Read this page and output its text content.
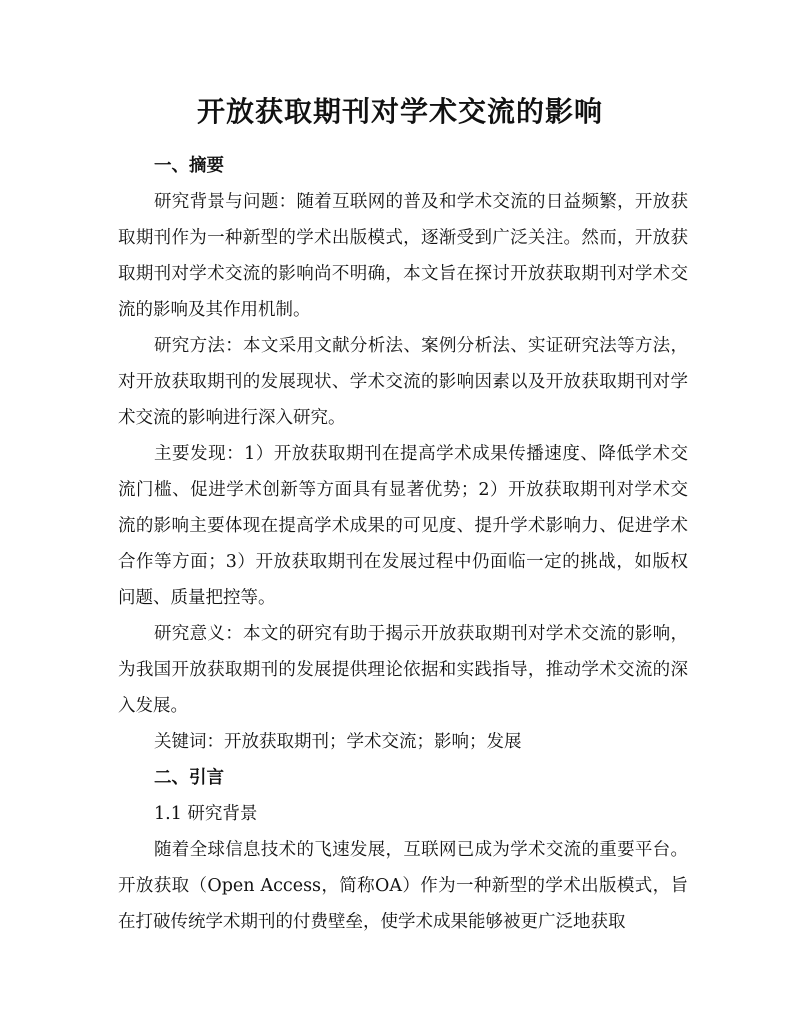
开放获取期刊对学术交流的影响
一、摘要

研究背景与问题：随着互联网的普及和学术交流的日益频繁，开放获取期刊作为一种新型的学术出版模式，逐渐受到广泛关注。然而，开放获取期刊对学术交流的影响尚不明确，本文旨在探讨开放获取期刊对学术交流的影响及其作用机制。

研究方法：本文采用文献分析法、案例分析法、实证研究法等方法，对开放获取期刊的发展现状、学术交流的影响因素以及开放获取期刊对学术交流的影响进行深入研究。

主要发现：1）开放获取期刊在提高学术成果传播速度、降低学术交流门槛、促进学术创新等方面具有显著优势；2）开放获取期刊对学术交流的影响主要体现在提高学术成果的可见度、提升学术影响力、促进学术合作等方面；3）开放获取期刊在发展过程中仍面临一定的挑战，如版权问题、质量把控等。

研究意义：本文的研究有助于揭示开放获取期刊对学术交流的影响，为我国开放获取期刊的发展提供理论依据和实践指导，推动学术交流的深入发展。

关键词：开放获取期刊；学术交流；影响；发展
二、引言
1.1 研究背景

随着全球信息技术的飞速发展，互联网已成为学术交流的重要平台。开放获取（Open Access，简称OA）作为一种新型的学术出版模式，旨在打破传统学术期刊的付费壁垒，使学术成果能够被更广泛地获取
